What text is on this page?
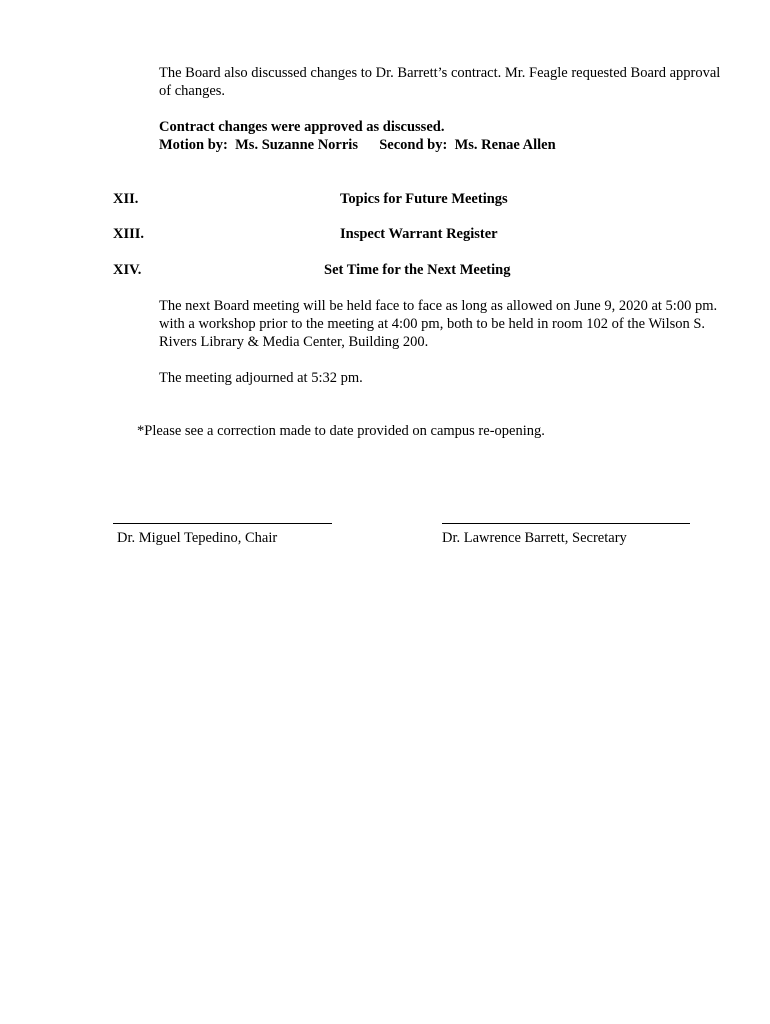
The Board also discussed changes to Dr. Barrett’s contract. Mr. Feagle requested Board approval of changes.

Contract changes were approved as discussed.
Motion by: Ms. Suzanne Norris Second by: Ms. Renae Allen
XII.	Topics for Future Meetings
XIII.	Inspect Warrant Register
XIV.	Set Time for the Next Meeting

The next Board meeting will be held face to face as long as allowed on June 9, 2020 at 5:00 pm. with a workshop prior to the meeting at 4:00 pm, both to be held in room 102 of the Wilson S. Rivers Library & Media Center, Building 200.

The meeting adjourned at 5:32 pm.

*Please see a correction made to date provided on campus re-opening.
Dr. Miguel Tepedino, Chair	Dr. Lawrence Barrett, Secretary
